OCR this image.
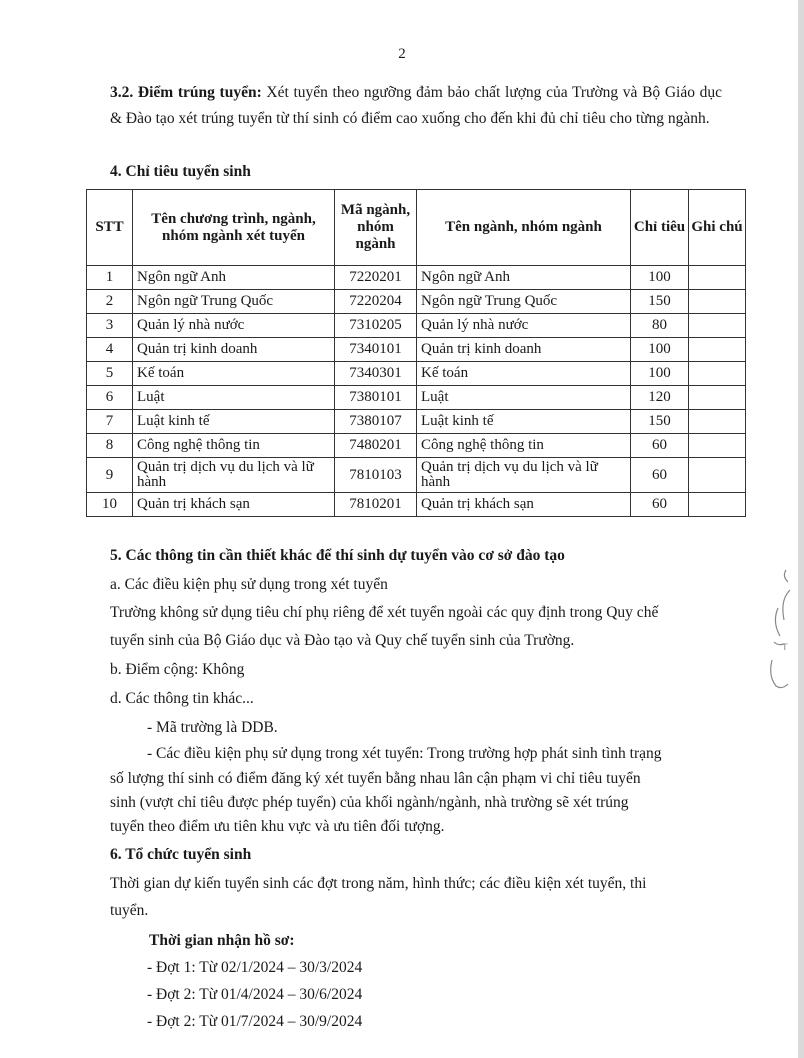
2
3.2. Điểm trúng tuyển: Xét tuyển theo ngưỡng đảm bảo chất lượng của Trường và Bộ Giáo dục & Đào tạo xét trúng tuyển từ thí sinh có điểm cao xuống cho đến khi đủ chỉ tiêu cho từng ngành.
4. Chỉ tiêu tuyển sinh
STT	Tên chương trình, ngành, nhóm ngành xét tuyển	Mã ngành, nhóm ngành	Tên ngành, nhóm ngành	Chỉ tiêu	Ghi chú
1	Ngôn ngữ Anh	7220201	Ngôn ngữ Anh	100	
2	Ngôn ngữ Trung Quốc	7220204	Ngôn ngữ Trung Quốc	150	
3	Quản lý nhà nước	7310205	Quản lý nhà nước	80	
4	Quản trị kinh doanh	7340101	Quản trị kinh doanh	100	
5	Kế toán	7340301	Kế toán	100	
6	Luật	7380101	Luật	120	
7	Luật kinh tế	7380107	Luật kinh tế	150	
8	Công nghệ thông tin	7480201	Công nghệ thông tin	60	
9	Quản trị dịch vụ du lịch và lữ hành	7810103	Quản trị dịch vụ du lịch và lữ hành	60	
10	Quản trị khách sạn	7810201	Quản trị khách sạn	60	
5. Các thông tin cần thiết khác để thí sinh dự tuyển vào cơ sở đào tạo
a. Các điều kiện phụ sử dụng trong xét tuyển
Trường không sử dụng tiêu chí phụ riêng để xét tuyển ngoài các quy định trong Quy chế
tuyển sinh của Bộ Giáo dục và Đào tạo và Quy chế tuyển sinh của Trường.
b. Điểm cộng: Không
d. Các thông tin khác...
- Mã trường là DDB.
- Các điều kiện phụ sử dụng trong xét tuyển: Trong trường hợp phát sinh tình trạng
số lượng thí sinh có điểm đăng ký xét tuyển bằng nhau lân cận phạm vi chỉ tiêu tuyển
sinh (vượt chỉ tiêu được phép tuyển) của khối ngành/ngành, nhà trường sẽ xét trúng
tuyển theo điểm ưu tiên khu vực và ưu tiên đối tượng.
6. Tổ chức tuyển sinh
Thời gian dự kiến tuyển sinh các đợt trong năm, hình thức; các điều kiện xét tuyển, thi
tuyển.
Thời gian nhận hồ sơ:
- Đợt 1: Từ 02/1/2024 – 30/3/2024
- Đợt 2: Từ 01/4/2024 – 30/6/2024
- Đợt 2: Từ 01/7/2024 – 30/9/2024
T
